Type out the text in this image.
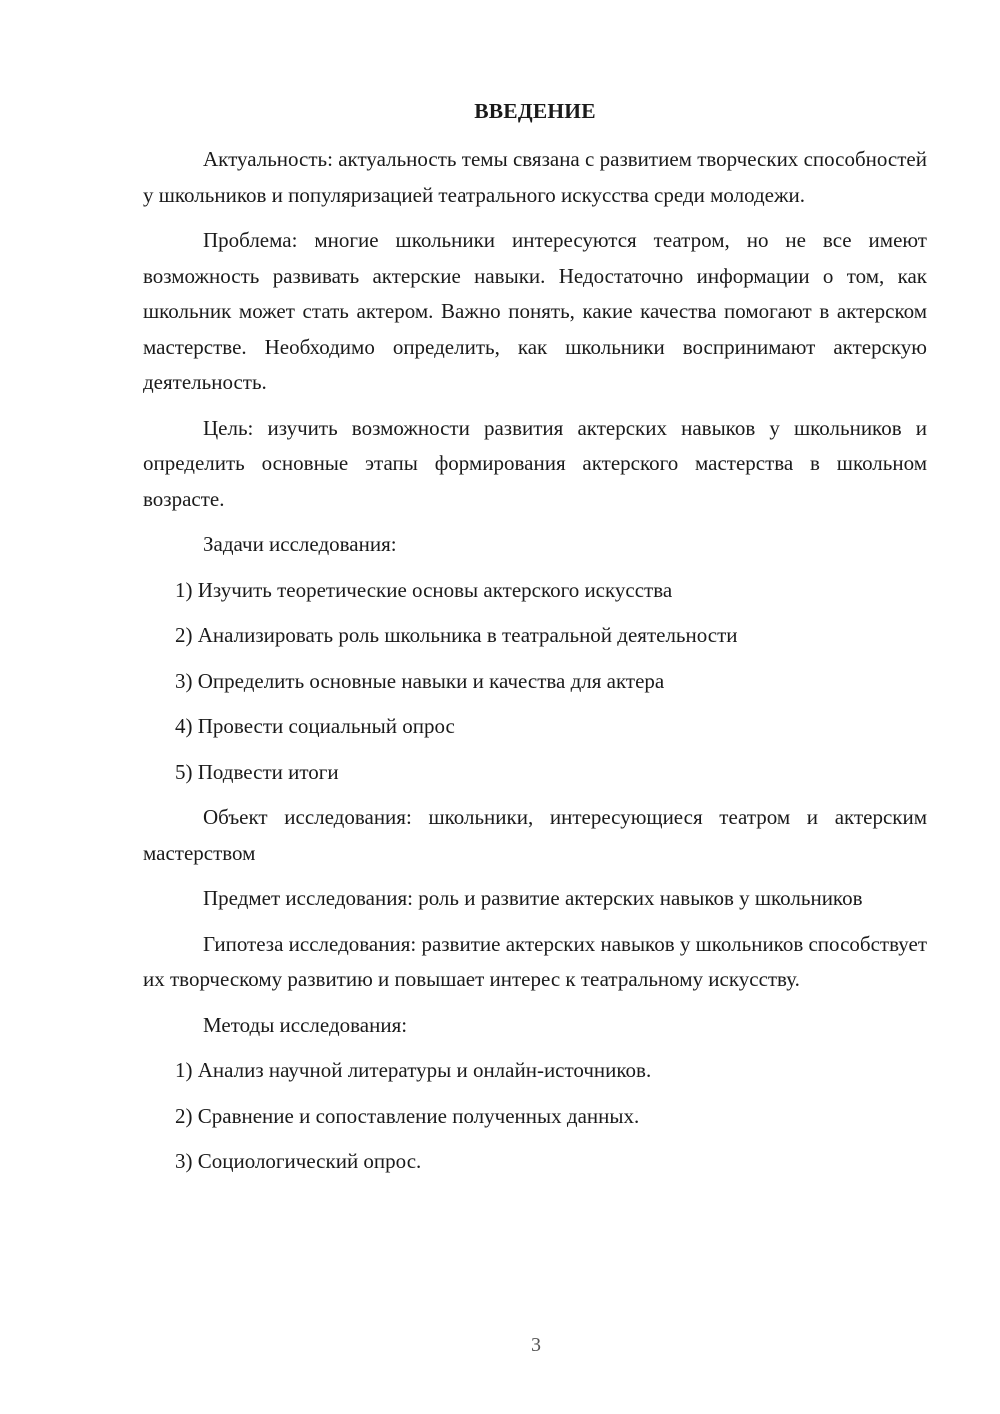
ВВЕДЕНИЕ

Актуальность: актуальность темы связана с развитием творческих способностей у школьников и популяризацией театрального искусства среди молодежи.

Проблема: многие школьники интересуются театром, но не все имеют возможность развивать актерские навыки. Недостаточно информации о том, как школьник может стать актером. Важно понять, какие качества помогают в актерском мастерстве. Необходимо определить, как школьники воспринимают актерскую деятельность.

Цель: изучить возможности развития актерских навыков у школьников и определить основные этапы формирования актерского мастерства в школьном возрасте.

Задачи исследования:

1) Изучить теоретические основы актерского искусства

2) Анализировать роль школьника в театральной деятельности

3) Определить основные навыки и качества для актера

4) Провести социальный опрос

5) Подвести итоги

Объект исследования: школьники, интересующиеся театром и актерским мастерством

Предмет исследования: роль и развитие актерских навыков у школьников

Гипотеза исследования: развитие актерских навыков у школьников способствует их творческому развитию и повышает интерес к театральному искусству.

Методы исследования:

1) Анализ научной литературы и онлайн-источников.

2) Сравнение и сопоставление полученных данных.

3) Социологический опрос.

3
